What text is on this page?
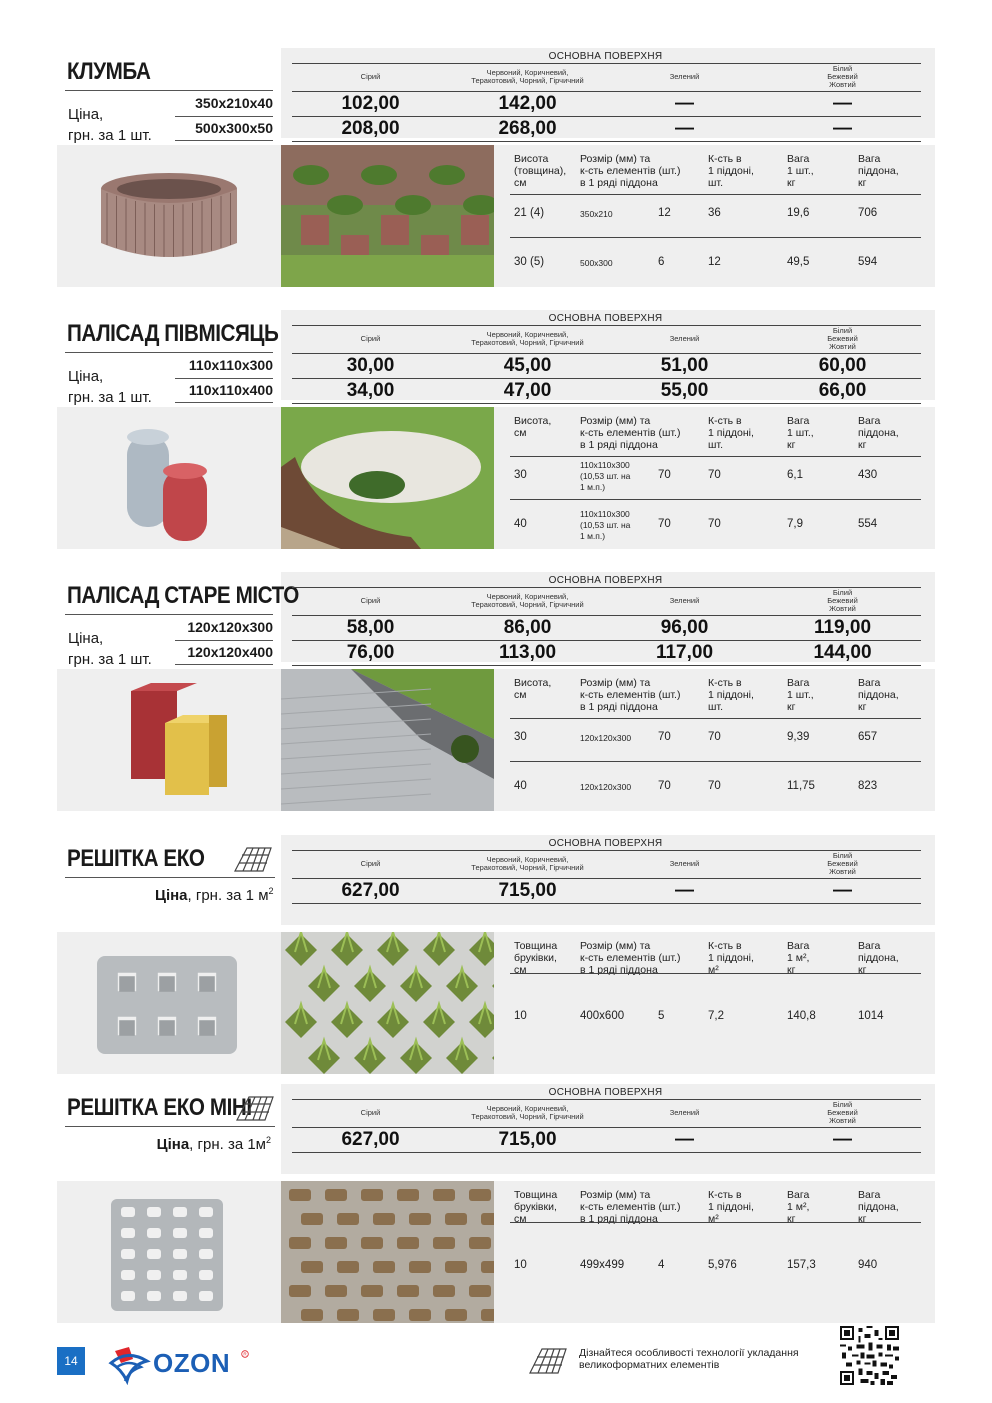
КЛУМБА
Ціна,
грн. за 1 шт.
350x210x40
500x300x50
ОСНОВНА ПОВЕРХНЯ
Сірий	Червоний, Коричневий,
Теракотовий, Чорний, Гірчичний	Зелений
Білий
Бежевий
Жовтий
102,00	142,00	—	—
208,00	268,00	—	—
Висота
(товщина),
см
Розмір (мм) та
к-сть елементів (шт.)
в 1 ряді піддона
К-сть в
1 піддоні,
шт.
Вага
1 шт.,
кг
Вага
піддона,
кг
21 (4)	350x210	12	36	19,6	706
30 (5)	500x300	6	12	49,5	594
ПАЛІСАД ПІВМІСЯЦЬ
Ціна,
грн. за 1 шт.
110x110x300
110x110x400
ОСНОВНА ПОВЕРХНЯ
Сірий	Червоний, Коричневий,
Теракотовий, Чорний, Гірчичний	Зелений
Білий
Бежевий
Жовтий
30,00	45,00	51,00	60,00
34,00	47,00	55,00	66,00
Висота,
см
Розмір (мм) та
к-сть елементів (шт.)
в 1 ряді піддона
К-сть в
1 піддоні,
шт.
Вага
1 шт.,
кг
Вага
піддона,
кг
30
110x110x300
(10,53 шт. на
1 м.п.)
70	70	6,1	430
40
110x110x300
(10,53 шт. на
1 м.п.)
70	70	7,9	554
ПАЛІСАД СТАРЕ МІСТО
Ціна,
грн. за 1 шт.
120x120x300
120x120x400
ОСНОВНА ПОВЕРХНЯ
Сірий	Червоний, Коричневий,
Теракотовий, Чорний, Гірчичний	Зелений
Білий
Бежевий
Жовтий
58,00	86,00	96,00	119,00
76,00	113,00	117,00	144,00
Висота,
см
Розмір (мм) та
к-сть елементів (шт.)
в 1 ряді піддона
К-сть в
1 піддоні,
шт.
Вага
1 шт.,
кг
Вага
піддона,
кг
30	120x120x300 70	70	9,39	657
40	120x120x300 70	70	11,75	823
РЕШІТКА ЕКО
Ціна, грн. за 1 $м^2$
ОСНОВНА ПОВЕРХНЯ
Сірий	Червоний, Коричневий,
Теракотовий, Чорний, Гірчичний	Зелений
Білий
Бежевий
Жовтий
627,00	715,00	—	—
Товщина
бруківки,
см
Розмір (мм) та
к-сть елементів (шт.)
в 1 ряді піддона
К-сть в
1 піддоні,
м²
Вага
1 м²,
кг
Вага
піддона,
кг
10	400x600	5	7,2	140,8	1014
РЕШІТКА ЕКО МІНІ
Ціна, грн. за $1м^2$
ОСНОВНА ПОВЕРХНЯ
Сірий	Червоний, Коричневий,
Теракотовий, Чорний, Гірчичний	Зелений
Білий
Бежевий
Жовтий
627,00	715,00	—	—
Товщина
бруківки,
см
Розмір (мм) та
к-сть елементів (шт.)
в 1 ряді піддона
К-сть в
1 піддоні,
м²
Вага
1 м²,
кг
Вага
піддона,
кг
10	499x499	4	5,976	157,3	940
14	OZON	R	Дізнайтеся особливості технології укладання
великоформатних елементів
